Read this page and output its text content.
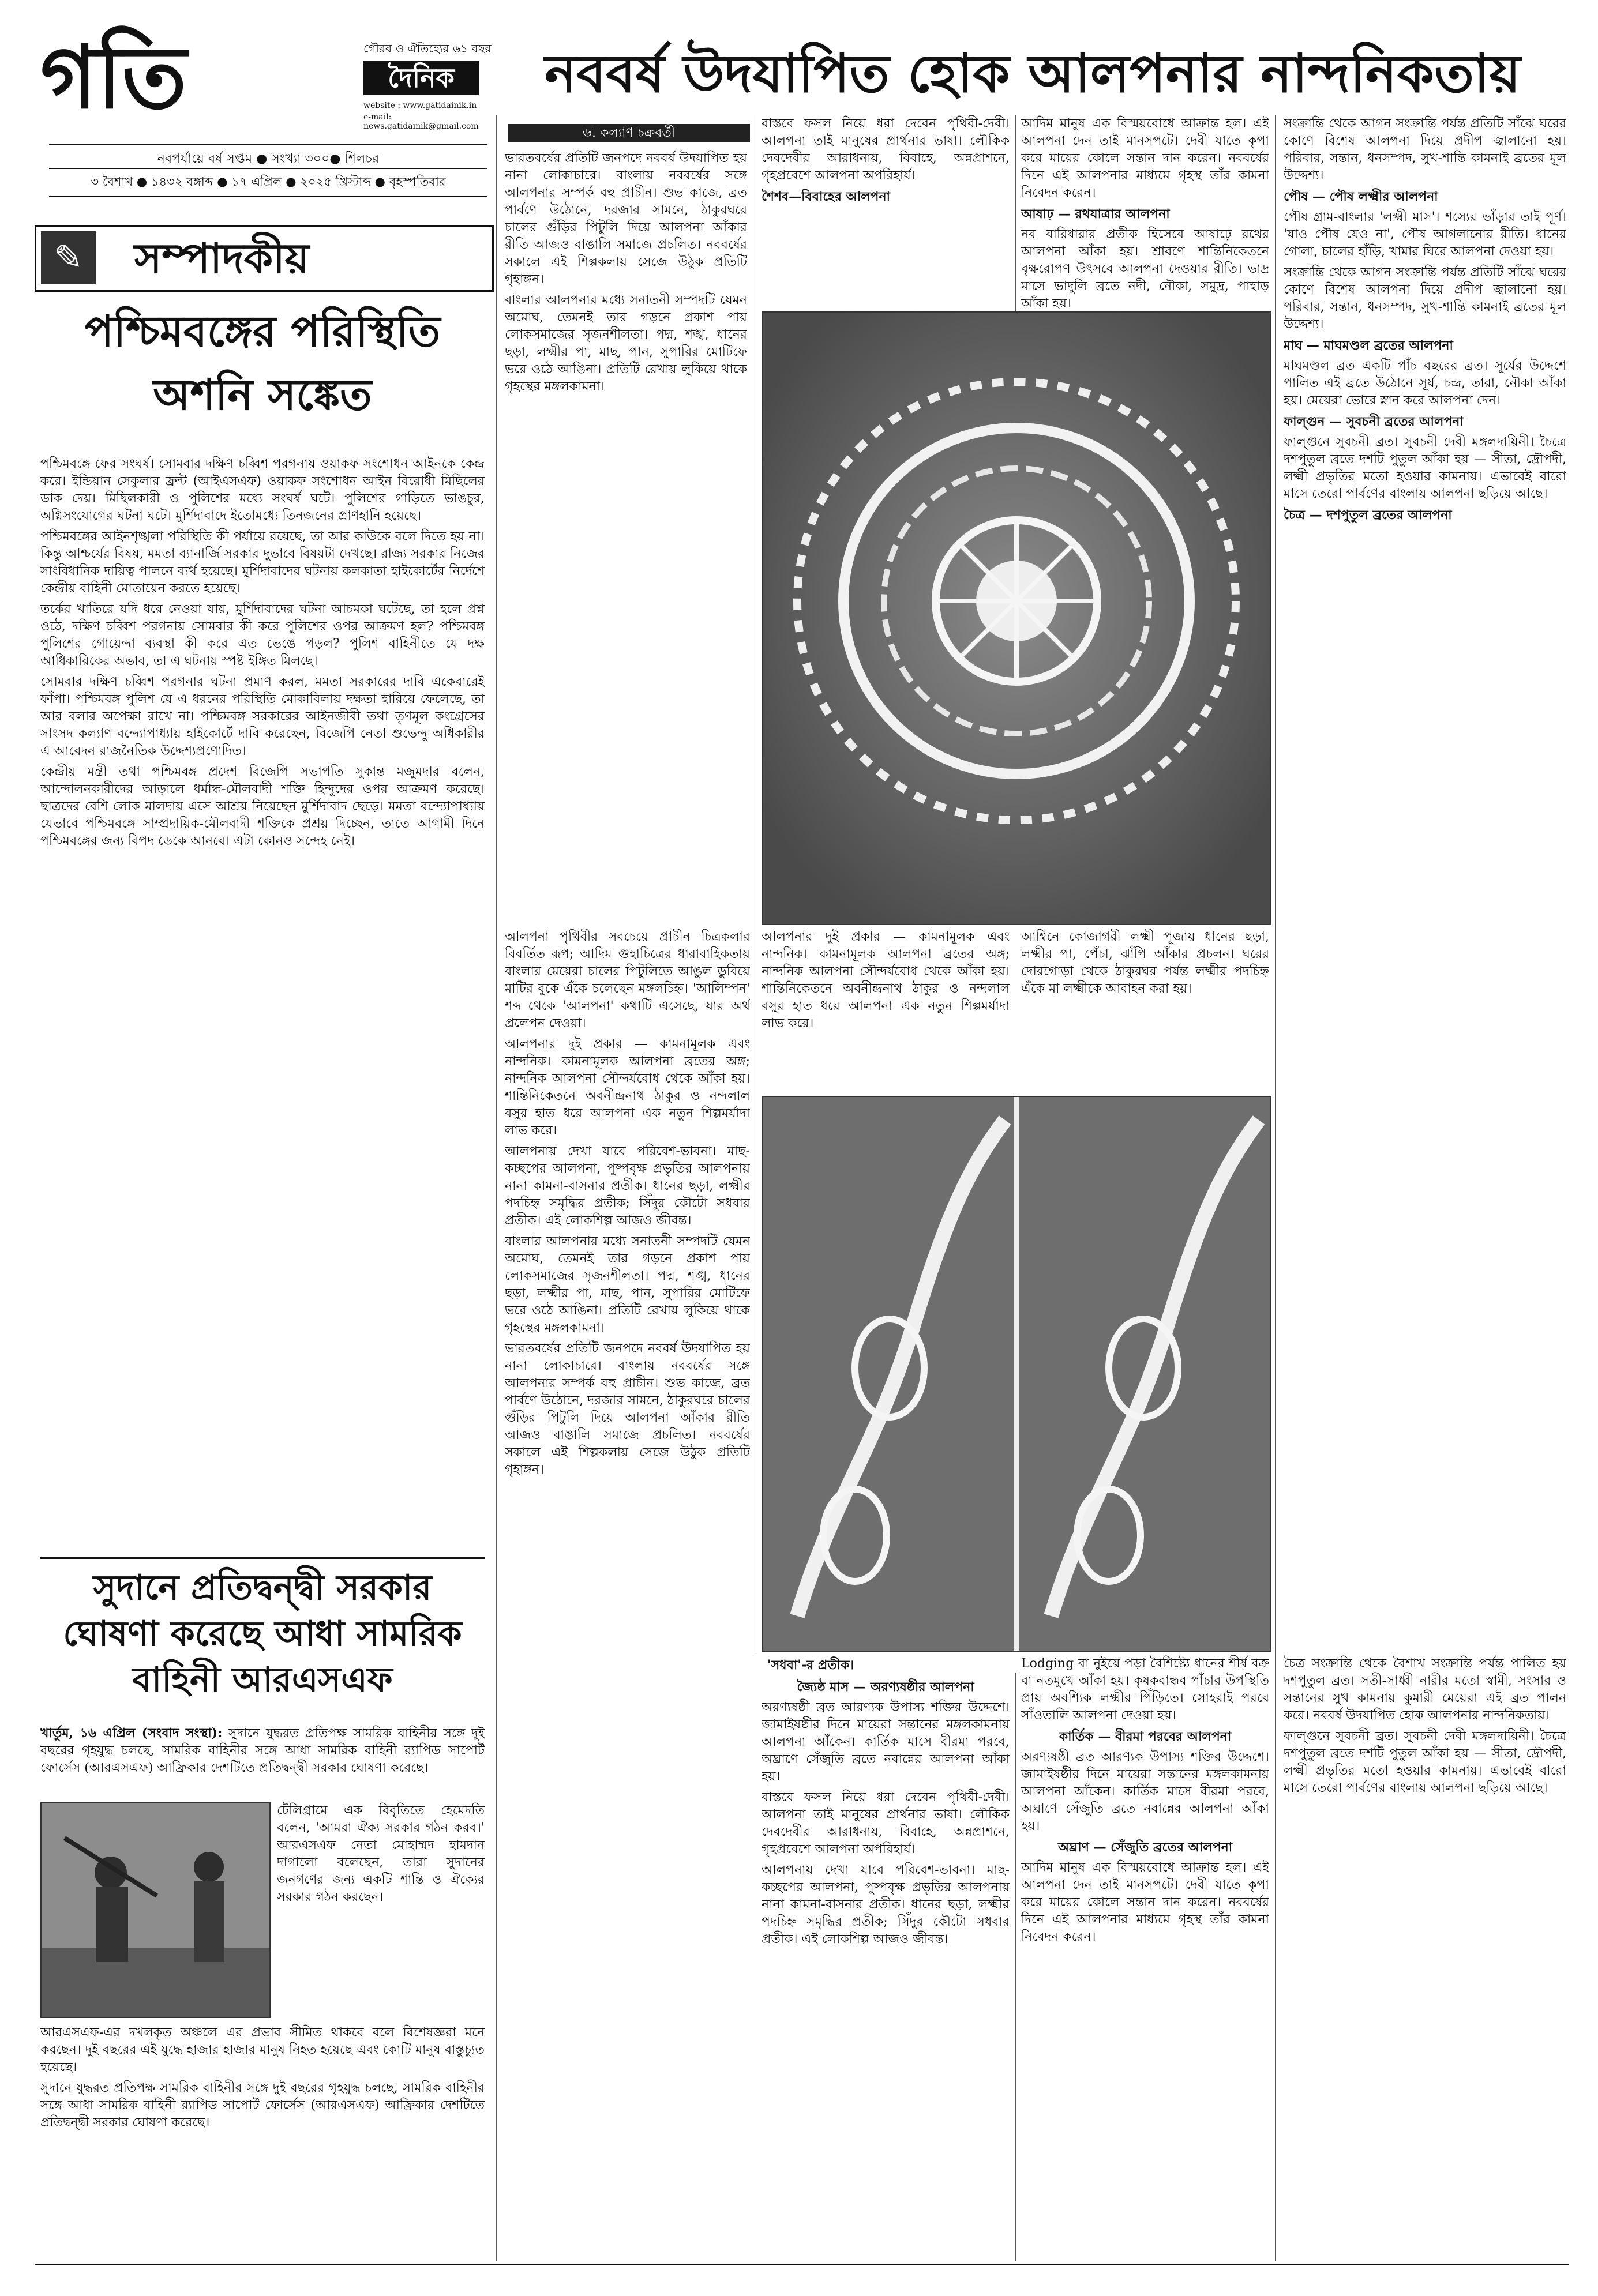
গতি	গৌরব ও ঐতিহ্যের ৬১ বছর
দৈনিক
website : www.gatidainik.in
e-mail: news.gatidainik@gmail.com
নবপর্যায়ে বর্ষ সপ্তম ● সংখ্যা ৩০০● শিলচর
৩ বৈশাখ ● ১৪৩২ বঙ্গাব্দ ● ১৭ এপ্রিল ● ২০২৫ খ্রিস্টাব্দ ● বৃহস্পতিবার
নববর্ষ উদযাপিত হোক আলপনার নান্দনিকতায়
ড. কল্যাণ চক্রবর্তী
✎	সম্পাদকীয়
পশ্চিমবঙ্গের পরিস্থিতি
অশনি সঙ্কেত

পশ্চিমবঙ্গে ফের সংঘর্ষ। সোমবার দক্ষিণ চব্বিশ পরগনায় ওয়াকফ সংশোধন আইনকে কেন্দ্র করে। ইন্ডিয়ান সেকুলার ফ্রন্ট (আইএসএফ) ওয়াকফ সংশোধন আইন বিরোধী মিছিলের ডাক দেয়। মিছিলকারী ও পুলিশের মধ্যে সংঘর্ষ ঘটে। পুলিশের গাড়িতে ভাঙচুর, অগ্নিসংযোগের ঘটনা ঘটে। মুর্শিদাবাদে ইতোমধ্যে তিনজনের প্রাণহানি হয়েছে।

পশ্চিমবঙ্গের আইনশৃঙ্খলা পরিস্থিতি কী পর্যায়ে রয়েছে, তা আর কাউকে বলে দিতে হয় না। কিন্তু আশ্চর্যের বিষয়, মমতা ব্যানার্জি সরকার দুভাবে বিষয়টা দেখছে। রাজ্য সরকার নিজের সাংবিধানিক দায়িত্ব পালনে ব্যর্থ হয়েছে। মুর্শিদাবাদের ঘটনায় কলকাতা হাইকোর্টের নির্দেশে কেন্দ্রীয় বাহিনী মোতায়েন করতে হয়েছে।

তর্কের খাতিরে যদি ধরে নেওয়া যায়, মুর্শিদাবাদের ঘটনা আচমকা ঘটেছে, তা হলে প্রশ্ন ওঠে, দক্ষিণ চব্বিশ পরগনায় সোমবার কী করে পুলিশের ওপর আক্রমণ হল? পশ্চিমবঙ্গ পুলিশের গোয়েন্দা ব্যবস্থা কী করে এত ভেঙে পড়ল? পুলিশ বাহিনীতে যে দক্ষ আধিকারিকের অভাব, তা এ ঘটনায় স্পষ্ট ইঙ্গিত মিলছে।

সোমবার দক্ষিণ চব্বিশ পরগনার ঘটনা প্রমাণ করল, মমতা সরকারের দাবি একেবারেই ফাঁপা। পশ্চিমবঙ্গ পুলিশ যে এ ধরনের পরিস্থিতি মোকাবিলায় দক্ষতা হারিয়ে ফেলেছে, তা আর বলার অপেক্ষা রাখে না। পশ্চিমবঙ্গ সরকারের আইনজীবী তথা তৃণমূল কংগ্রেসের সাংসদ কল্যাণ বন্দ্যোপাধ্যায় হাইকোর্টে দাবি করেছেন, বিজেপি নেতা শুভেন্দু অধিকারীর এ আবেদন রাজনৈতিক উদ্দেশ্যপ্রণোদিত।

কেন্দ্রীয় মন্ত্রী তথা পশ্চিমবঙ্গ প্রদেশ বিজেপি সভাপতি সুকান্ত মজুমদার বলেন, আন্দোলনকারীদের আড়ালে ধর্মান্ধ-মৌলবাদী শক্তি হিন্দুদের ওপর আক্রমণ করেছে। ছাত্রদের বেশি লোক মালদায় এসে আশ্রয় নিয়েছেন মুর্শিদাবাদ ছেড়ে। মমতা বন্দ্যোপাধ্যায় যেভাবে পশ্চিমবঙ্গে সাম্প্রদায়িক-মৌলবাদী শক্তিকে প্রশ্রয় দিচ্ছেন, তাতে আগামী দিনে পশ্চিমবঙ্গের জন্য বিপদ ডেকে আনবে। এটা কোনও সন্দেহ নেই।

সুদানে প্রতিদ্বন্দ্বী সরকার ঘোষণা করেছে আধা সামরিক বাহিনী আরএসএফ
খার্তুম, ১৬ এপ্রিল (সংবাদ সংস্থা): সুদানে যুদ্ধরত প্রতিপক্ষ সামরিক বাহিনীর সঙ্গে দুই বছরের গৃহযুদ্ধ চলছে, সামরিক বাহিনীর সঙ্গে আধা সামরিক বাহিনী র‍্যাপিড সাপোর্ট ফোর্সেস (আরএসএফ) আফ্রিকার দেশটিতে প্রতিদ্বন্দ্বী সরকার ঘোষণা করেছে।

টেলিগ্রামে এক বিবৃতিতে হেমেদতি বলেন, 'আমরা ঐক্য সরকার গঠন করব।' আরএসএফ নেতা মোহাম্মদ হামদান দাগালো বলেছেন, তারা সুদানের জনগণের জন্য একটি শান্তি ও ঐক্যের সরকার গঠন করছেন।

আরএসএফ-এর দখলকৃত অঞ্চলে এর প্রভাব সীমিত থাকবে বলে বিশেষজ্ঞরা মনে করছেন। দুই বছরের এই যুদ্ধে হাজার হাজার মানুষ নিহত হয়েছে এবং কোটি মানুষ বাস্তুচ্যুত হয়েছে।

সুদানে যুদ্ধরত প্রতিপক্ষ সামরিক বাহিনীর সঙ্গে দুই বছরের গৃহযুদ্ধ চলছে, সামরিক বাহিনীর সঙ্গে আধা সামরিক বাহিনী র‍্যাপিড সাপোর্ট ফোর্সেস (আরএসএফ) আফ্রিকার দেশটিতে প্রতিদ্বন্দ্বী সরকার ঘোষণা করেছে।

ভারতবর্ষের প্রতিটি জনপদে নববর্ষ উদযাপিত হয় নানা লোকাচারে। বাংলায় নববর্ষের সঙ্গে আলপনার সম্পর্ক বহু প্রাচীন। শুভ কাজে, ব্রত পার্বণে উঠোনে, দরজার সামনে, ঠাকুরঘরে চালের গুঁড়ির পিটুলি দিয়ে আলপনা আঁকার রীতি আজও বাঙালি সমাজে প্রচলিত। নববর্ষের সকালে এই শিল্পকলায় সেজে উঠুক প্রতিটি গৃহাঙ্গন।

বাংলার আলপনার মধ্যে সনাতনী সম্পদটি যেমন অমোঘ, তেমনই তার গড়নে প্রকাশ পায় লোকসমাজের সৃজনশীলতা। পদ্ম, শঙ্খ, ধানের ছড়া, লক্ষ্মীর পা, মাছ, পান, সুপারির মোটিফে ভরে ওঠে আঙিনা। প্রতিটি রেখায় লুকিয়ে থাকে গৃহস্থের মঙ্গলকামনা।

বাস্তবে ফসল নিয়ে ধরা দেবেন পৃথিবী-দেবী। আলপনা তাই মানুষের প্রার্থনার ভাষা। লৌকিক দেবদেবীর আরাধনায়, বিবাহে, অন্নপ্রাশনে, গৃহপ্রবেশে আলপনা অপরিহার্য।

শৈশব—বিবাহের আলপনা

আদিম মানুষ এক বিস্ময়বোধে আক্রান্ত হল। এই আলপনা দেন তাই মানসপটে। দেবী যাতে কৃপা করে মায়ের কোলে সন্তান দান করেন। নববর্ষের দিনে এই আলপনার মাধ্যমে গৃহস্থ তাঁর কামনা নিবেদন করেন।

আষাঢ় — রথযাত্রার আলপনা

নব বারিধারার প্রতীক হিসেবে আষাঢ়ে রথের আলপনা আঁকা হয়। শ্রাবণে শান্তিনিকেতনে বৃক্ষরোপণ উৎসবে আলপনা দেওয়ার রীতি। ভাদ্র মাসে ভাদুলি ব্রতে নদী, নৌকা, সমুদ্র, পাহাড় আঁকা হয়।

সংক্রান্তি থেকে আগন সংক্রান্তি পর্যন্ত প্রতিটি সাঁঝে ঘরের কোণে বিশেষ আলপনা দিয়ে প্রদীপ জ্বালানো হয়। পরিবার, সন্তান, ধনসম্পদ, সুখ-শান্তি কামনাই ব্রতের মূল উদ্দেশ্য।

পৌষ — পৌষ লক্ষ্মীর আলপনা

পৌষ গ্রাম-বাংলার 'লক্ষ্মী মাস'। শস্যের ভাঁড়ার তাই পূর্ণ। 'যাও পৌষ যেও না', পৌষ আগলানোর রীতি। ধানের গোলা, চালের হাঁড়ি, খামার ঘিরে আলপনা দেওয়া হয়।

সংক্রান্তি থেকে আগন সংক্রান্তি পর্যন্ত প্রতিটি সাঁঝে ঘরের কোণে বিশেষ আলপনা দিয়ে প্রদীপ জ্বালানো হয়। পরিবার, সন্তান, ধনসম্পদ, সুখ-শান্তি কামনাই ব্রতের মূল উদ্দেশ্য।

মাঘ — মাঘমণ্ডল ব্রতের আলপনা

মাঘমণ্ডল ব্রত একটি পাঁচ বছরের ব্রত। সূর্যের উদ্দেশে পালিত এই ব্রতে উঠোনে সূর্য, চন্দ্র, তারা, নৌকা আঁকা হয়। মেয়েরা ভোরে স্নান করে আলপনা দেন।

ফাল্গুন — সুবচনী ব্রতের আলপনা

ফাল্গুনে সুবচনী ব্রত। সুবচনী দেবী মঙ্গলদায়িনী। চৈত্রে দশপুতুল ব্রতে দশটি পুতুল আঁকা হয় — সীতা, দ্রৌপদী, লক্ষ্মী প্রভৃতির মতো হওয়ার কামনায়। এভাবেই বারো মাসে তেরো পার্বণের বাংলায় আলপনা ছড়িয়ে আছে।

চৈত্র — দশপুতুল ব্রতের আলপনা

আলপনা পৃথিবীর সবচেয়ে প্রাচীন চিত্রকলার বিবর্তিত রূপ; আদিম গুহাচিত্রের ধারাবাহিকতায় বাংলার মেয়েরা চালের পিটুলিতে আঙুল ডুবিয়ে মাটির বুকে এঁকে চলেছেন মঙ্গলচিহ্ন। 'আলিম্পন' শব্দ থেকে 'আলপনা' কথাটি এসেছে, যার অর্থ প্রলেপন দেওয়া।

আলপনার দুই প্রকার — কামনামূলক এবং নান্দনিক। কামনামূলক আলপনা ব্রতের অঙ্গ; নান্দনিক আলপনা সৌন্দর্যবোধ থেকে আঁকা হয়। শান্তিনিকেতনে অবনীন্দ্রনাথ ঠাকুর ও নন্দলাল বসুর হাত ধরে আলপনা এক নতুন শিল্পমর্যাদা লাভ করে।

আলপনায় দেখা যাবে পরিবেশ-ভাবনা। মাছ-কচ্ছপের আলপনা, পুষ্পবৃক্ষ প্রভৃতির আলপনায় নানা কামনা-বাসনার প্রতীক। ধানের ছড়া, লক্ষ্মীর পদচিহ্ন সমৃদ্ধির প্রতীক; সিঁদুর কৌটো সধবার প্রতীক। এই লোকশিল্প আজও জীবন্ত।

বাংলার আলপনার মধ্যে সনাতনী সম্পদটি যেমন অমোঘ, তেমনই তার গড়নে প্রকাশ পায় লোকসমাজের সৃজনশীলতা। পদ্ম, শঙ্খ, ধানের ছড়া, লক্ষ্মীর পা, মাছ, পান, সুপারির মোটিফে ভরে ওঠে আঙিনা। প্রতিটি রেখায় লুকিয়ে থাকে গৃহস্থের মঙ্গলকামনা।

ভারতবর্ষের প্রতিটি জনপদে নববর্ষ উদযাপিত হয় নানা লোকাচারে। বাংলায় নববর্ষের সঙ্গে আলপনার সম্পর্ক বহু প্রাচীন। শুভ কাজে, ব্রত পার্বণে উঠোনে, দরজার সামনে, ঠাকুরঘরে চালের গুঁড়ির পিটুলি দিয়ে আলপনা আঁকার রীতি আজও বাঙালি সমাজে প্রচলিত। নববর্ষের সকালে এই শিল্পকলায় সেজে উঠুক প্রতিটি গৃহাঙ্গন।

আলপনার দুই প্রকার — কামনামূলক এবং নান্দনিক। কামনামূলক আলপনা ব্রতের অঙ্গ; নান্দনিক আলপনা সৌন্দর্যবোধ থেকে আঁকা হয়। শান্তিনিকেতনে অবনীন্দ্রনাথ ঠাকুর ও নন্দলাল বসুর হাত ধরে আলপনা এক নতুন শিল্পমর্যাদা লাভ করে।

আশ্বিনে কোজাগরী লক্ষ্মী পূজায় ধানের ছড়া, লক্ষ্মীর পা, পেঁচা, ঝাঁপি আঁকার প্রচলন। ঘরের দোরগোড়া থেকে ঠাকুরঘর পর্যন্ত লক্ষ্মীর পদচিহ্ন এঁকে মা লক্ষ্মীকে আবাহন করা হয়।

'সধবা'-র প্রতীক।

জ্যৈষ্ঠ মাস — অরণ্যষষ্ঠীর আলপনা

অরণ্যষষ্ঠী ব্রত আরণ্যক উপাস্য শক্তির উদ্দেশে। জামাইষষ্ঠীর দিনে মায়েরা সন্তানের মঙ্গলকামনায় আলপনা আঁকেন। কার্তিক মাসে বীরমা পরবে, অঘ্রাণে সেঁজুতি ব্রতে নবান্নের আলপনা আঁকা হয়।

বাস্তবে ফসল নিয়ে ধরা দেবেন পৃথিবী-দেবী। আলপনা তাই মানুষের প্রার্থনার ভাষা। লৌকিক দেবদেবীর আরাধনায়, বিবাহে, অন্নপ্রাশনে, গৃহপ্রবেশে আলপনা অপরিহার্য।

আলপনায় দেখা যাবে পরিবেশ-ভাবনা। মাছ-কচ্ছপের আলপনা, পুষ্পবৃক্ষ প্রভৃতির আলপনায় নানা কামনা-বাসনার প্রতীক। ধানের ছড়া, লক্ষ্মীর পদচিহ্ন সমৃদ্ধির প্রতীক; সিঁদুর কৌটো সধবার প্রতীক। এই লোকশিল্প আজও জীবন্ত।

Lodging বা নুইয়ে পড়া বৈশিষ্ট্যে ধানের শীর্ষ বক্র বা নতমুখে আঁকা হয়। কৃষকবান্ধব পাঁচার উপস্থিতি প্রায় অবশ্যিক লক্ষ্মীর পিঁড়িতে। সোহরাই পরবে সাঁওতালি আলপনা দেওয়া হয়।

কার্তিক — বীরমা পরবের আলপনা

অরণ্যষষ্ঠী ব্রত আরণ্যক উপাস্য শক্তির উদ্দেশে। জামাইষষ্ঠীর দিনে মায়েরা সন্তানের মঙ্গলকামনায় আলপনা আঁকেন। কার্তিক মাসে বীরমা পরবে, অঘ্রাণে সেঁজুতি ব্রতে নবান্নের আলপনা আঁকা হয়।

অঘ্রাণ — সেঁজুতি ব্রতের আলপনা

আদিম মানুষ এক বিস্ময়বোধে আক্রান্ত হল। এই আলপনা দেন তাই মানসপটে। দেবী যাতে কৃপা করে মায়ের কোলে সন্তান দান করেন। নববর্ষের দিনে এই আলপনার মাধ্যমে গৃহস্থ তাঁর কামনা নিবেদন করেন।

চৈত্র সংক্রান্তি থেকে বৈশাখ সংক্রান্তি পর্যন্ত পালিত হয় দশপুতুল ব্রত। সতী-সাধ্বী নারীর মতো স্বামী, সংসার ও সন্তানের সুখ কামনায় কুমারী মেয়েরা এই ব্রত পালন করে। নববর্ষ উদযাপিত হোক আলপনার নান্দনিকতায়।

ফাল্গুনে সুবচনী ব্রত। সুবচনী দেবী মঙ্গলদায়িনী। চৈত্রে দশপুতুল ব্রতে দশটি পুতুল আঁকা হয় — সীতা, দ্রৌপদী, লক্ষ্মী প্রভৃতির মতো হওয়ার কামনায়। এভাবেই বারো মাসে তেরো পার্বণের বাংলায় আলপনা ছড়িয়ে আছে।
